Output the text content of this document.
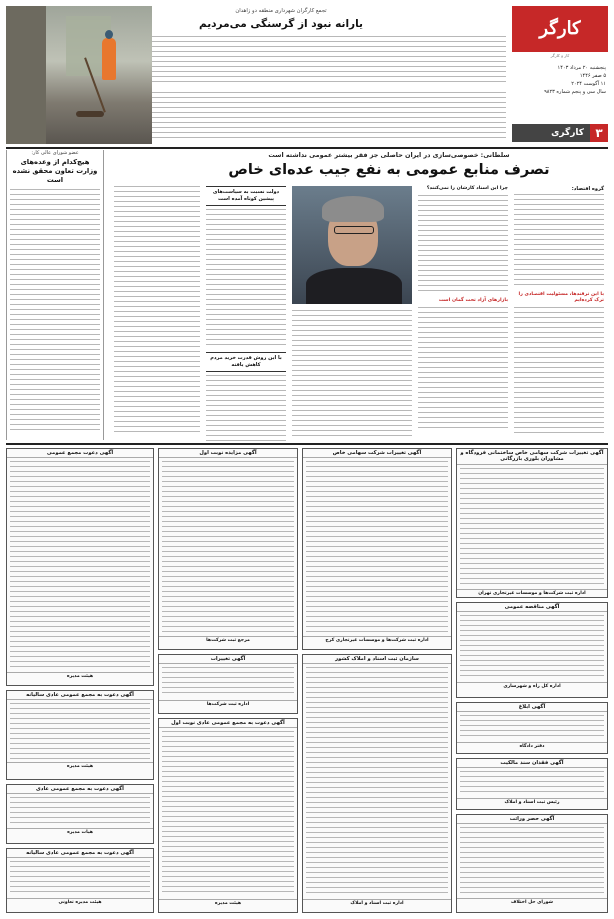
کارگر
کار و کارگر
پنجشنبه ۲۰ مرداد ۱۴۰۳
۵ صفر ۱۴۴۶
۱۱ آگوست ۲۰۲۴
سال سی و پنجم شماره ۹۸۲۳
۳
کارگری
تجمع کارگران شهرداری منطقه دو زاهدان
یارانه نبود از گرسنگی می‌مردیم
سلطانی: خصوصی‌سازی در ایران حاصلی جز فقر بیشتر عمومی نداشته است
تصرف منابع عمومی به نفع جیب عده‌ای خاص
گروه اقتصاد:
با این ترفندها، مسئولیت اقتصادی را ترک کرده‌ایم
چرا این اسناد کارشان را نمی‌کنند؟
بازارهای آزاد تحت گمان است
دولت نسبت به سیاست‌های پیشین کوتاه آمده است
با این روش قدرت خرید مردم کاهش یافته
عضو شورای عالی کار:
هیچ‌کدام از وعده‌های وزارت تعاون محقق نشده است
آگهی تغییرات شرکت سهامی خاص ساختمانی فرودگاه و مشاوران بلوری بازرگانی
اداره ثبت شرکت‌ها و موسسات غیرتجاری تهران
آگهی مناقصه عمومی
اداره کل راه و شهرسازی
آگهی ابلاغ
دفتر دادگاه
آگهی فقدان سند مالکیت
رئیس ثبت اسناد و املاک
آگهی حصر وراثت
شورای حل اختلاف
آگهی تغییرات شرکت سهامی خاص
اداره ثبت شرکت‌ها و موسسات غیرتجاری کرج
سازمان ثبت اسناد و املاک کشور
اداره ثبت اسناد و املاک
آگهی مزایده نوبت اول
مرجع ثبت شرکت‌ها
آگهی تغییرات
اداره ثبت شرکت‌ها
آگهی دعوت به مجمع عمومی عادی نوبت اول
هیئت مدیره
آگهی دعوت مجمع عمومی
هیئت مدیره
آگهی دعوت به مجمع عمومی عادی سالیانه
هیئت مدیره
آگهی دعوت به مجمع عمومی عادی
هیات مدیره
آگهی دعوت به مجمع عمومی عادی سالیانه
هیئت مدیره تعاونی
